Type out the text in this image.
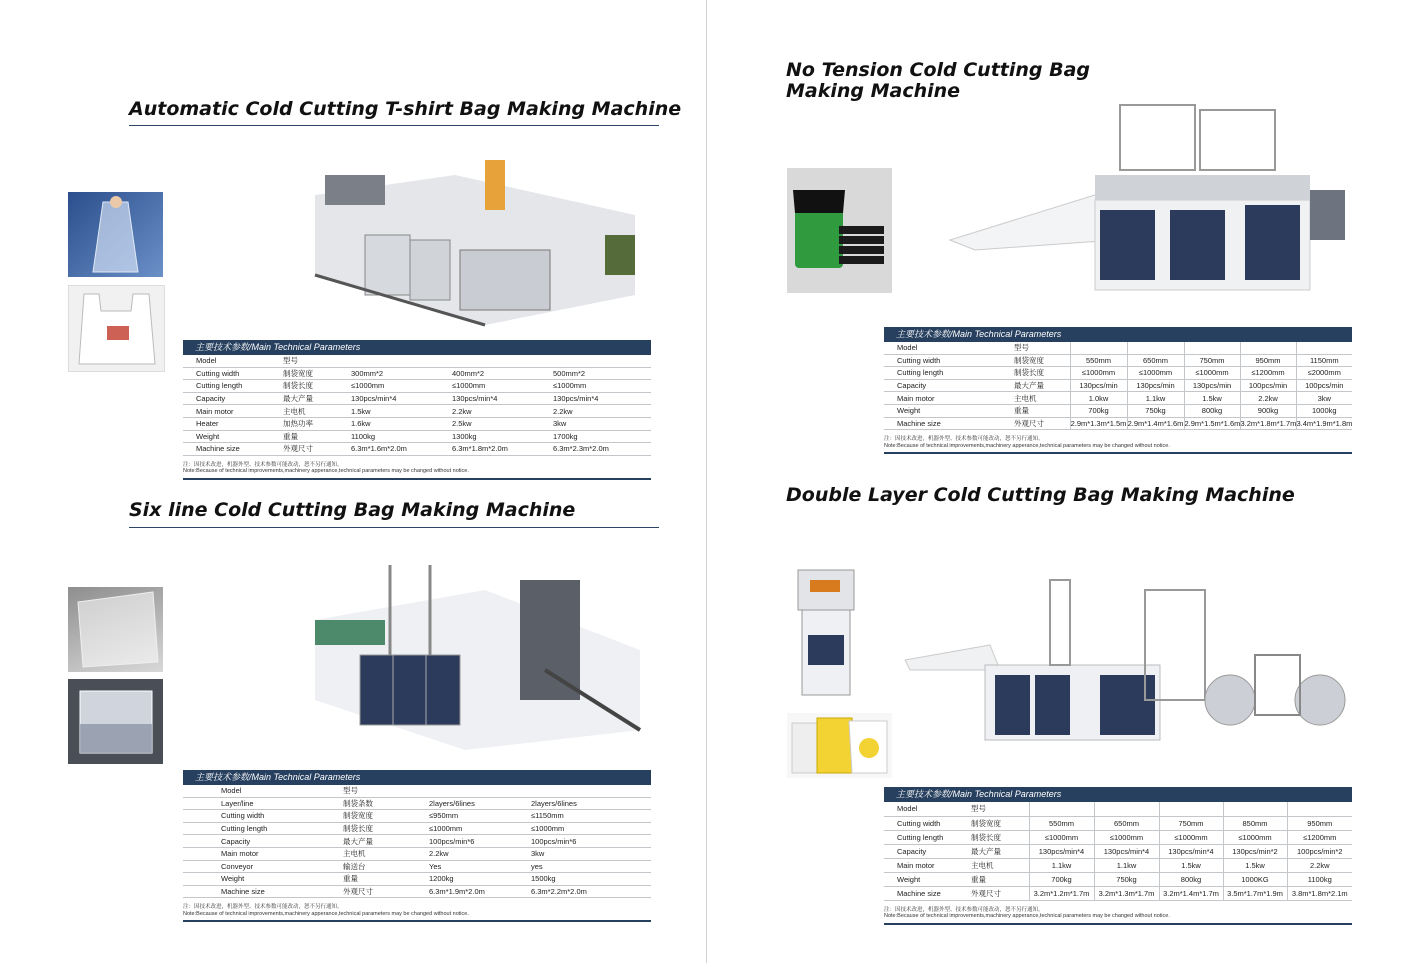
Automatic Cold Cutting T-shirt Bag Making Machine
主要技术参数/Main Technical Parameters
Model	型号			
Cutting width	制袋宽度	300mm*2	400mm*2	500mm*2
Cutting length	制袋长度	≤1000mm	≤1000mm	≤1000mm
Capacity	最大产量	130pcs/min*4	130pcs/min*4	130pcs/min*4
Main motor	主电机	1.5kw	2.2kw	2.2kw
Heater	加热功率	1.6kw	2.5kw	3kw
Weight	重量	1100kg	1300kg	1700kg
Machine size	外观尺寸	6.3m*1.6m*2.0m	6.3m*1.8m*2.0m	6.3m*2.3m*2.0m
注：因技术改进，机器外型、技术参数可能改动，恕不另行通知。
Note:Because of technical improvements,machinery apperance,technical parameters may be changed without notice.
Six line Cold Cutting Bag Making Machine
主要技术参数/Main Technical Parameters
Model	型号		
Layer/line	制袋条数	2layers/6lines	2layers/6lines
Cutting width	制袋宽度	≤950mm	≤1150mm
Cutting length	制袋长度	≤1000mm	≤1000mm
Capacity	最大产量	100pcs/min*6	100pcs/min*6
Main motor	主电机	2.2kw	3kw
Conveyor	输送台	Yes	yes
Weight	重量	1200kg	1500kg
Machine size	外观尺寸	6.3m*1.9m*2.0m	6.3m*2.2m*2.0m
注：因技术改进，机器外型、技术参数可能改动，恕不另行通知。
Note:Because of technical improvements,machinery apperance,technical parameters may be changed without notice.
No Tension Cold Cutting Bag
Making Machine
主要技术参数/Main Technical Parameters
Model	型号					
Cutting width	制袋宽度	550mm	650mm	750mm	950mm	1150mm
Cutting length	制袋长度	≤1000mm	≤1000mm	≤1000mm	≤1200mm	≤2000mm
Capacity	最大产量	130pcs/min	130pcs/min	130pcs/min	100pcs/min	100pcs/min
Main motor	主电机	1.0kw	1.1kw	1.5kw	2.2kw	3kw
Weight	重量	700kg	750kg	800kg	900kg	1000kg
Machine size	外观尺寸	2.9m*1.3m*1.5m	2.9m*1.4m*1.6m	2.9m*1.5m*1.6m	3.2m*1.8m*1.7m	3.4m*1.9m*1.8m
注：因技术改进，机器外型、技术参数可能改动，恕不另行通知。
Note:Because of technical improvements,machinery apperance,technical parameters may be changed without notice.
Double Layer Cold Cutting Bag Making Machine
主要技术参数/Main Technical Parameters
Model	型号					
Cutting width	制袋宽度	550mm	650mm	750mm	850mm	950mm
Cutting length	制袋长度	≤1000mm	≤1000mm	≤1000mm	≤1000mm	≤1200mm
Capacity	最大产量	130pcs/min*4	130pcs/min*4	130pcs/min*4	130pcs/min*2	100pcs/min*2
Main motor	主电机	1.1kw	1.1kw	1.5kw	1.5kw	2.2kw
Weight	重量	700kg	750kg	800kg	1000KG	1100kg
Machine size	外观尺寸	3.2m*1.2m*1.7m	3.2m*1.3m*1.7m	3.2m*1.4m*1.7m	3.5m*1.7m*1.9m	3.8m*1.8m*2.1m
注：因技术改进，机器外型、技术参数可能改动，恕不另行通知。
Note:Because of technical improvements,machinery apperance,technical parameters may be changed without notice.
